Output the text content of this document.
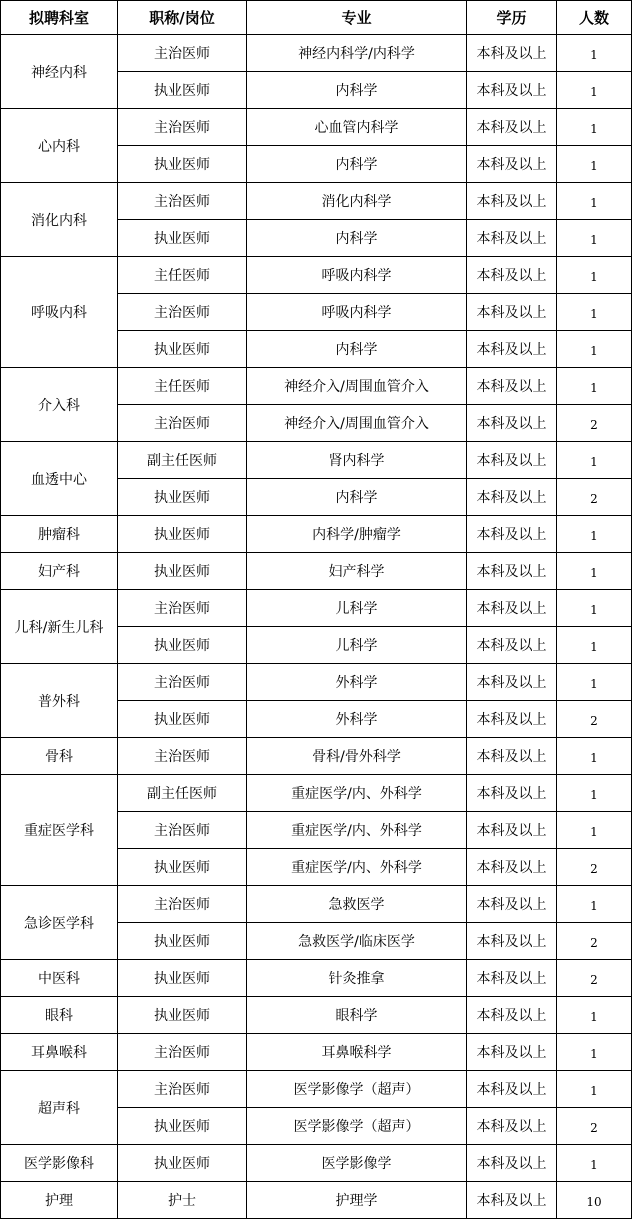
拟聘科室	职称/岗位	专业	学历	人数
神经内科	主治医师	神经内科学/内科学	本科及以上	1
	执业医师	内科学	本科及以上	1
心内科	主治医师	心血管内科学	本科及以上	1
	执业医师	内科学	本科及以上	1
消化内科	主治医师	消化内科学	本科及以上	1
	执业医师	内科学	本科及以上	1
呼吸内科	主任医师	呼吸内科学	本科及以上	1
	主治医师	呼吸内科学	本科及以上	1
	执业医师	内科学	本科及以上	1
介入科	主任医师	神经介入/周围血管介入	本科及以上	1
	主治医师	神经介入/周围血管介入	本科及以上	2
血透中心	副主任医师	肾内科学	本科及以上	1
	执业医师	内科学	本科及以上	2
肿瘤科	执业医师	内科学/肿瘤学	本科及以上	1
妇产科	执业医师	妇产科学	本科及以上	1
儿科/新生儿科	主治医师	儿科学	本科及以上	1
	执业医师	儿科学	本科及以上	1
普外科	主治医师	外科学	本科及以上	1
	执业医师	外科学	本科及以上	2
骨科	主治医师	骨科/骨外科学	本科及以上	1
重症医学科	副主任医师	重症医学/内、外科学	本科及以上	1
	主治医师	重症医学/内、外科学	本科及以上	1
	执业医师	重症医学/内、外科学	本科及以上	2
急诊医学科	主治医师	急救医学	本科及以上	1
	执业医师	急救医学/临床医学	本科及以上	2
中医科	执业医师	针灸推拿	本科及以上	2
眼科	执业医师	眼科学	本科及以上	1
耳鼻喉科	主治医师	耳鼻喉科学	本科及以上	1
超声科	主治医师	医学影像学（超声）	本科及以上	1
	执业医师	医学影像学（超声）	本科及以上	2
医学影像科	执业医师	医学影像学	本科及以上	1
护理	护士	护理学	本科及以上	10
